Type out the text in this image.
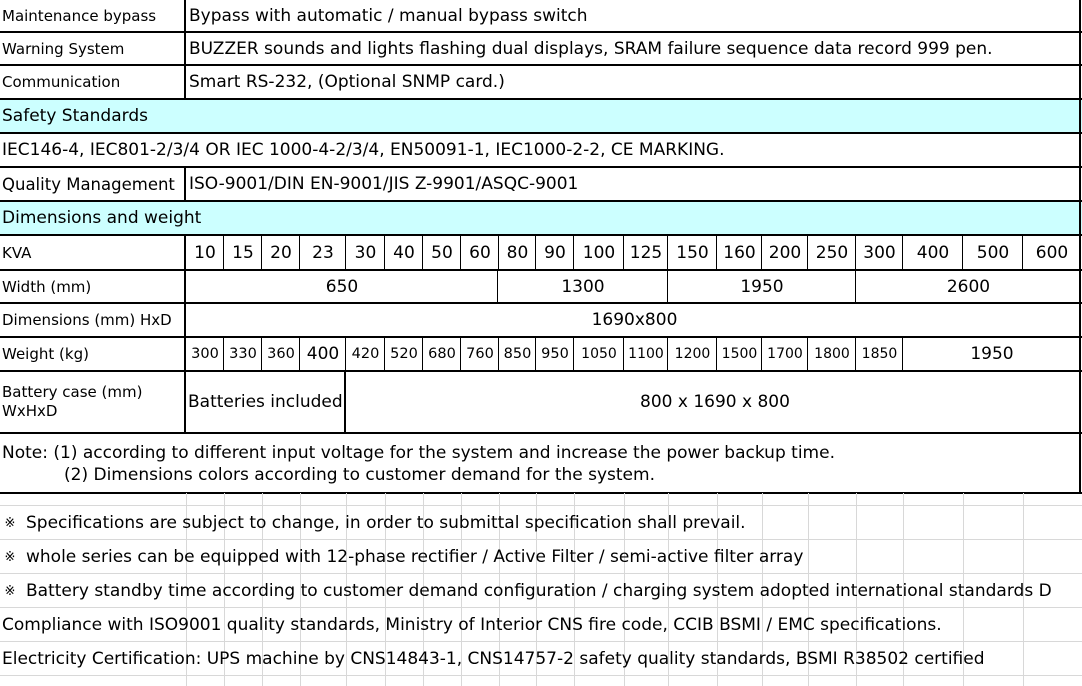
Maintenance bypass	Bypass with automatic / manual bypass switch
Warning System	BUZZER sounds and lights flashing dual displays, SRAM failure sequence data record 999 pen.
Communication	Smart RS-232, (Optional SNMP card.)
Safety Standards
IEC146-4, IEC801-2/3/4 OR IEC 1000-4-2/3/4, EN50091-1, IEC1000-2-2, CE MARKING.
Quality Management ISO-9001/DIN EN-9001/JIS Z-9901/ASQC-9001
Dimensions and weight
KVA	10 15 20	23	30 40 50 60 80 90 100 125 150 160 200 250 300	400	500	600
Width (mm)	650	1300	1950	2600
Dimensions (mm) HxD	1690x800
Weight (kg)	300 330 360 400 420 520 680 760 850 950 1050 1100 1200 1500 1700 1800 1850	1950
Battery case (mm)
WxHxD	Batteries included	800 x 1690 x 800
Note: (1) according to different input voltage for the system and increase the power backup time.
(2) Dimensions colors according to customer demand for the system.
※ Specifications are subject to change, in order to submittal specification shall prevail.
※ whole series can be equipped with 12-phase rectifier / Active Filter / semi-active filter array
※ Battery standby time according to customer demand configuration / charging system adopted international standards D
Compliance with ISO9001 quality standards, Ministry of Interior CNS fire code, CCIB BSMI / EMC specifications.
Electricity Certification: UPS machine by CNS14843-1, CNS14757-2 safety quality standards, BSMI R38502 certified
